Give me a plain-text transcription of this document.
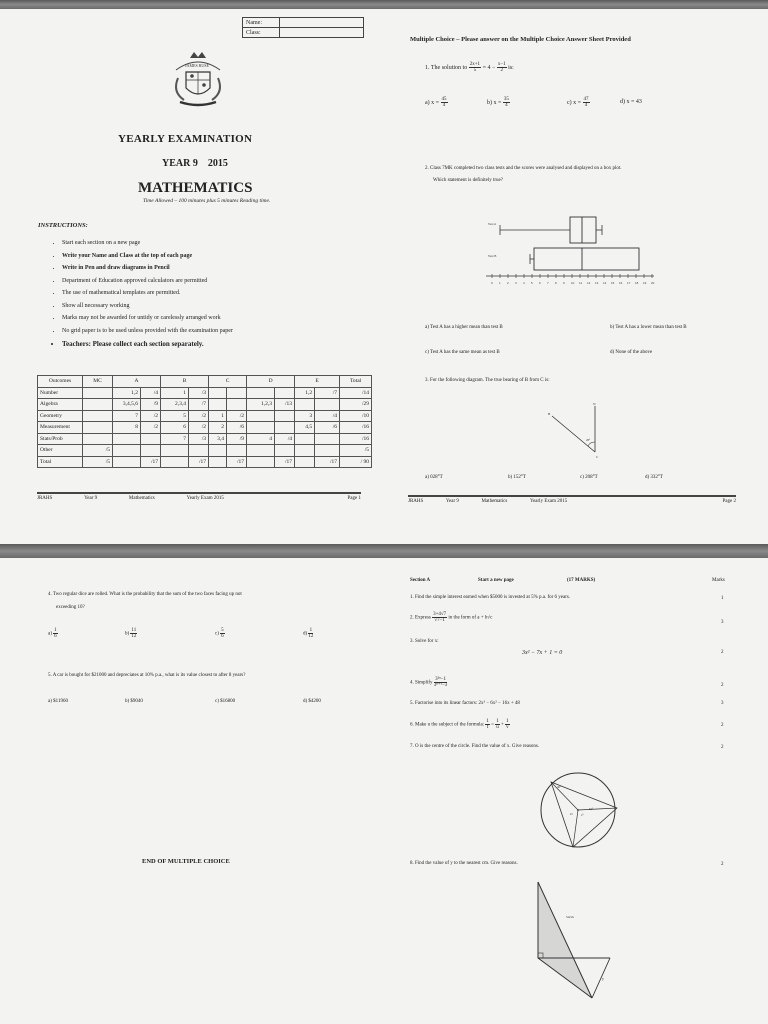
Name:	
Class:	
JAMES RUSE
YEARLY EXAMINATION
YEAR 9 2015
MATHEMATICS
Time Allowed – 100 minutes plus 5 minutes Reading time.
INSTRUCTIONS:
• Start each section on a new page
• Write your Name and Class at the top of each page
• Write in Pen and draw diagrams in Pencil
• Department of Education approved calculators are permitted
• The use of mathematical templates are permitted.
• Show all necessary working
• Marks may not be awarded for untidy or carelessly arranged work
• No grid paper is to be used unless provided with the examination paper
• Teachers: Please collect each section separately.
Outcomes	MC	A		B		C		D		E		Total
Number		1,2	/4	1	/3					1,2	/7	/14
Algebra		3,4,5,6	/9	2,3,4	/7			1,2,3	/13			/29
Geometry		7	/2	5	/2	1	/2			3	/4	/10
Measurement		8	/2	6	/2	2	/6			4,5	/6	/16
Stats/Prob				7	/3	3,4	/9	4	/4			/16
Other	/5											/5
Total	/5		/17		/17		/17		/17		/17	/ 90
JRAHS	Year 9	Mathematics	Yearly Exam 2015	Page 1
Multiple Choice – Please answer on the Multiple Choice Answer Sheet Provided
1. The solution to $\frac{2x+1}{5} = 4 - \frac{x-1}{2}$ is:
a) $x = \frac{45}{4}$	b) $x = \frac{35}{4}$	c) $x = \frac{47}{4}$	d) x = 43
2. Class 7MK completed two class tests and the scores were analysed and displayed on a box plot.
Which statement is definitely true?
Test A
Test B
0 1 2 3 4 5 6 7 8 9 10 11 12 13 14 15 16 17 18 19 20
a) Test A has a higher mean than test B	b) Test A has a lower mean than test B
c) Test A has the same mean as test B	d) None of the above
3. For the following diagram. The true bearing of B from C is:
N
B
C
28°
a) 028°T	b) 152°T	c) 208°T	d) 332°T
JRAHS	Year 9	Mathematics	Yearly Exam 2015	Page 2
4. Two regular dice are rolled. What is the probability that the sum of the two faces facing up not
exceeding 10?
$a) \frac{1}{6}$	$b) \frac{11}{12}$	$c) \frac{5}{6}$	$d) \frac{1}{12}$
5. A car is bought for $21000 and depreciates at 10% p.a., what is its value closest to after 8 years?
a) $11960	b) $9040	c) $16800	d) $4200
END OF MULTIPLE CHOICE
Section A	Start a new page	(17 MARKS)	Marks
1. Find the simple interest earned when $5000 is invested at 5% p.a. for 6 years.	1
2. Express $\frac{3+4√7}{√7-1}$ in the form of a + b√c
3
3. Solve for x:
3x² − 7x + 1 = 0	2
4. Simplify $\frac{\text{3²ⁿ−1}}{\text{3ⁿ⁺¹−3}}$	2
5. Factorise into its linear factors: 2x³ − 6x² − 16x + 48	3
6. Make u the subject of the formula: $\frac{1}{f} = \frac{1}{u} + \frac{1}{v}$	2
7. O is the centre of the circle. Find the value of x. Give reasons.	2
O
40°
x°
62°
8. Find the value of y to the nearest cm. Give reasons.	2
54cm
y
